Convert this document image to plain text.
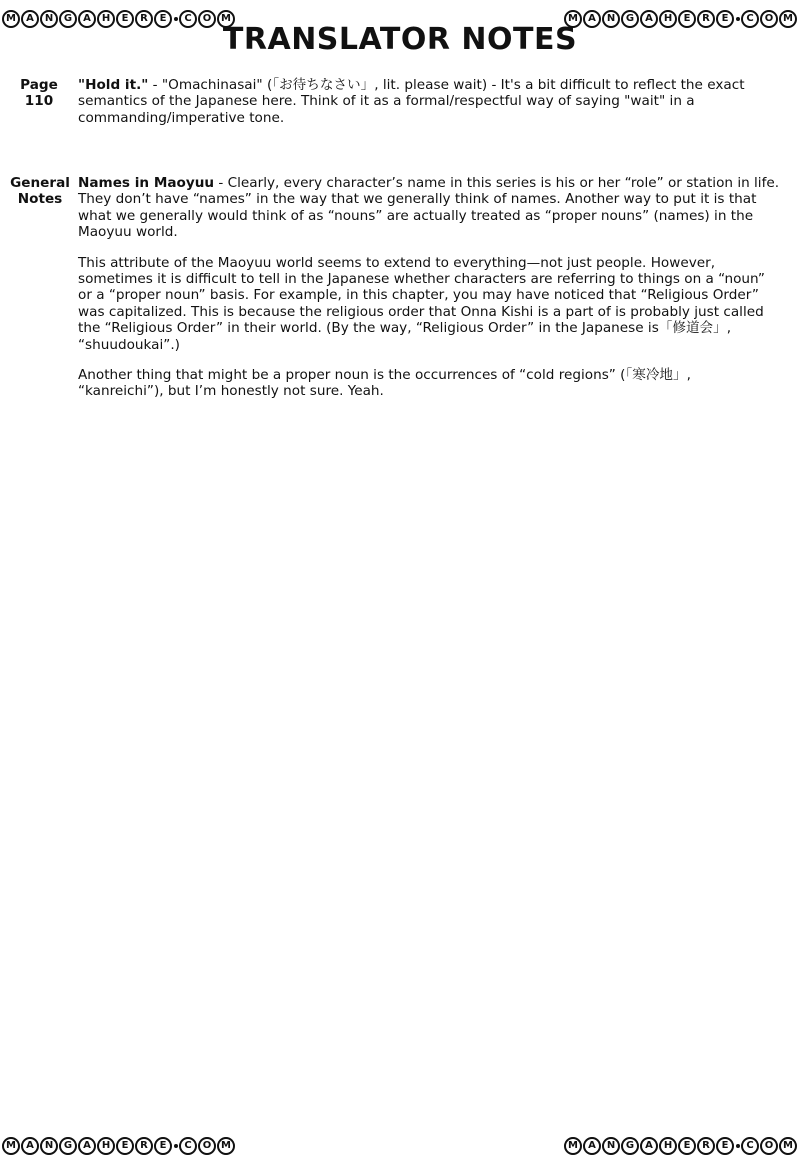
M	A	N	G	A	H	E	R	E	C	O M	M	A	N	G	A	H	E	R	E	C	O M
M	A	N	G	A	H	E	R	E	C	O M	M	A	N	G	A	H	E	R	E	C	O M
TRANSLATOR NOTES
Page
110

"Hold it." - "Omachinasai" (「お待ちなさい」, lit. please wait) - It's a bit difficult to reflect the exact semantics of the Japanese here. Think of it as a formal/respectful way of saying "wait" in a commanding/imperative tone.

General
Notes

Names in Maoyuu - Clearly, every character’s name in this series is his or her “role” or station in life. They don’t have “names” in the way that we generally think of names. Another way to put it is that what we generally would think of as “nouns” are actually treated as “proper nouns” (names) in the Maoyuu world.

This attribute of the Maoyuu world seems to extend to everything—not just people. However, sometimes it is difficult to tell in the Japanese whether characters are referring to things on a “noun” or a “proper noun” basis. For example, in this chapter, you may have noticed that “Religious Order” was capitalized. This is because the religious order that Onna Kishi is a part of is probably just called the “Religious Order” in their world. (By the way, “Religious Order” in the Japanese is「修道会」, “shuudoukai”.)

Another thing that might be a proper noun is the occurrences of “cold regions” (「寒冷地」, “kanreichi”), but I’m honestly not sure. Yeah.
